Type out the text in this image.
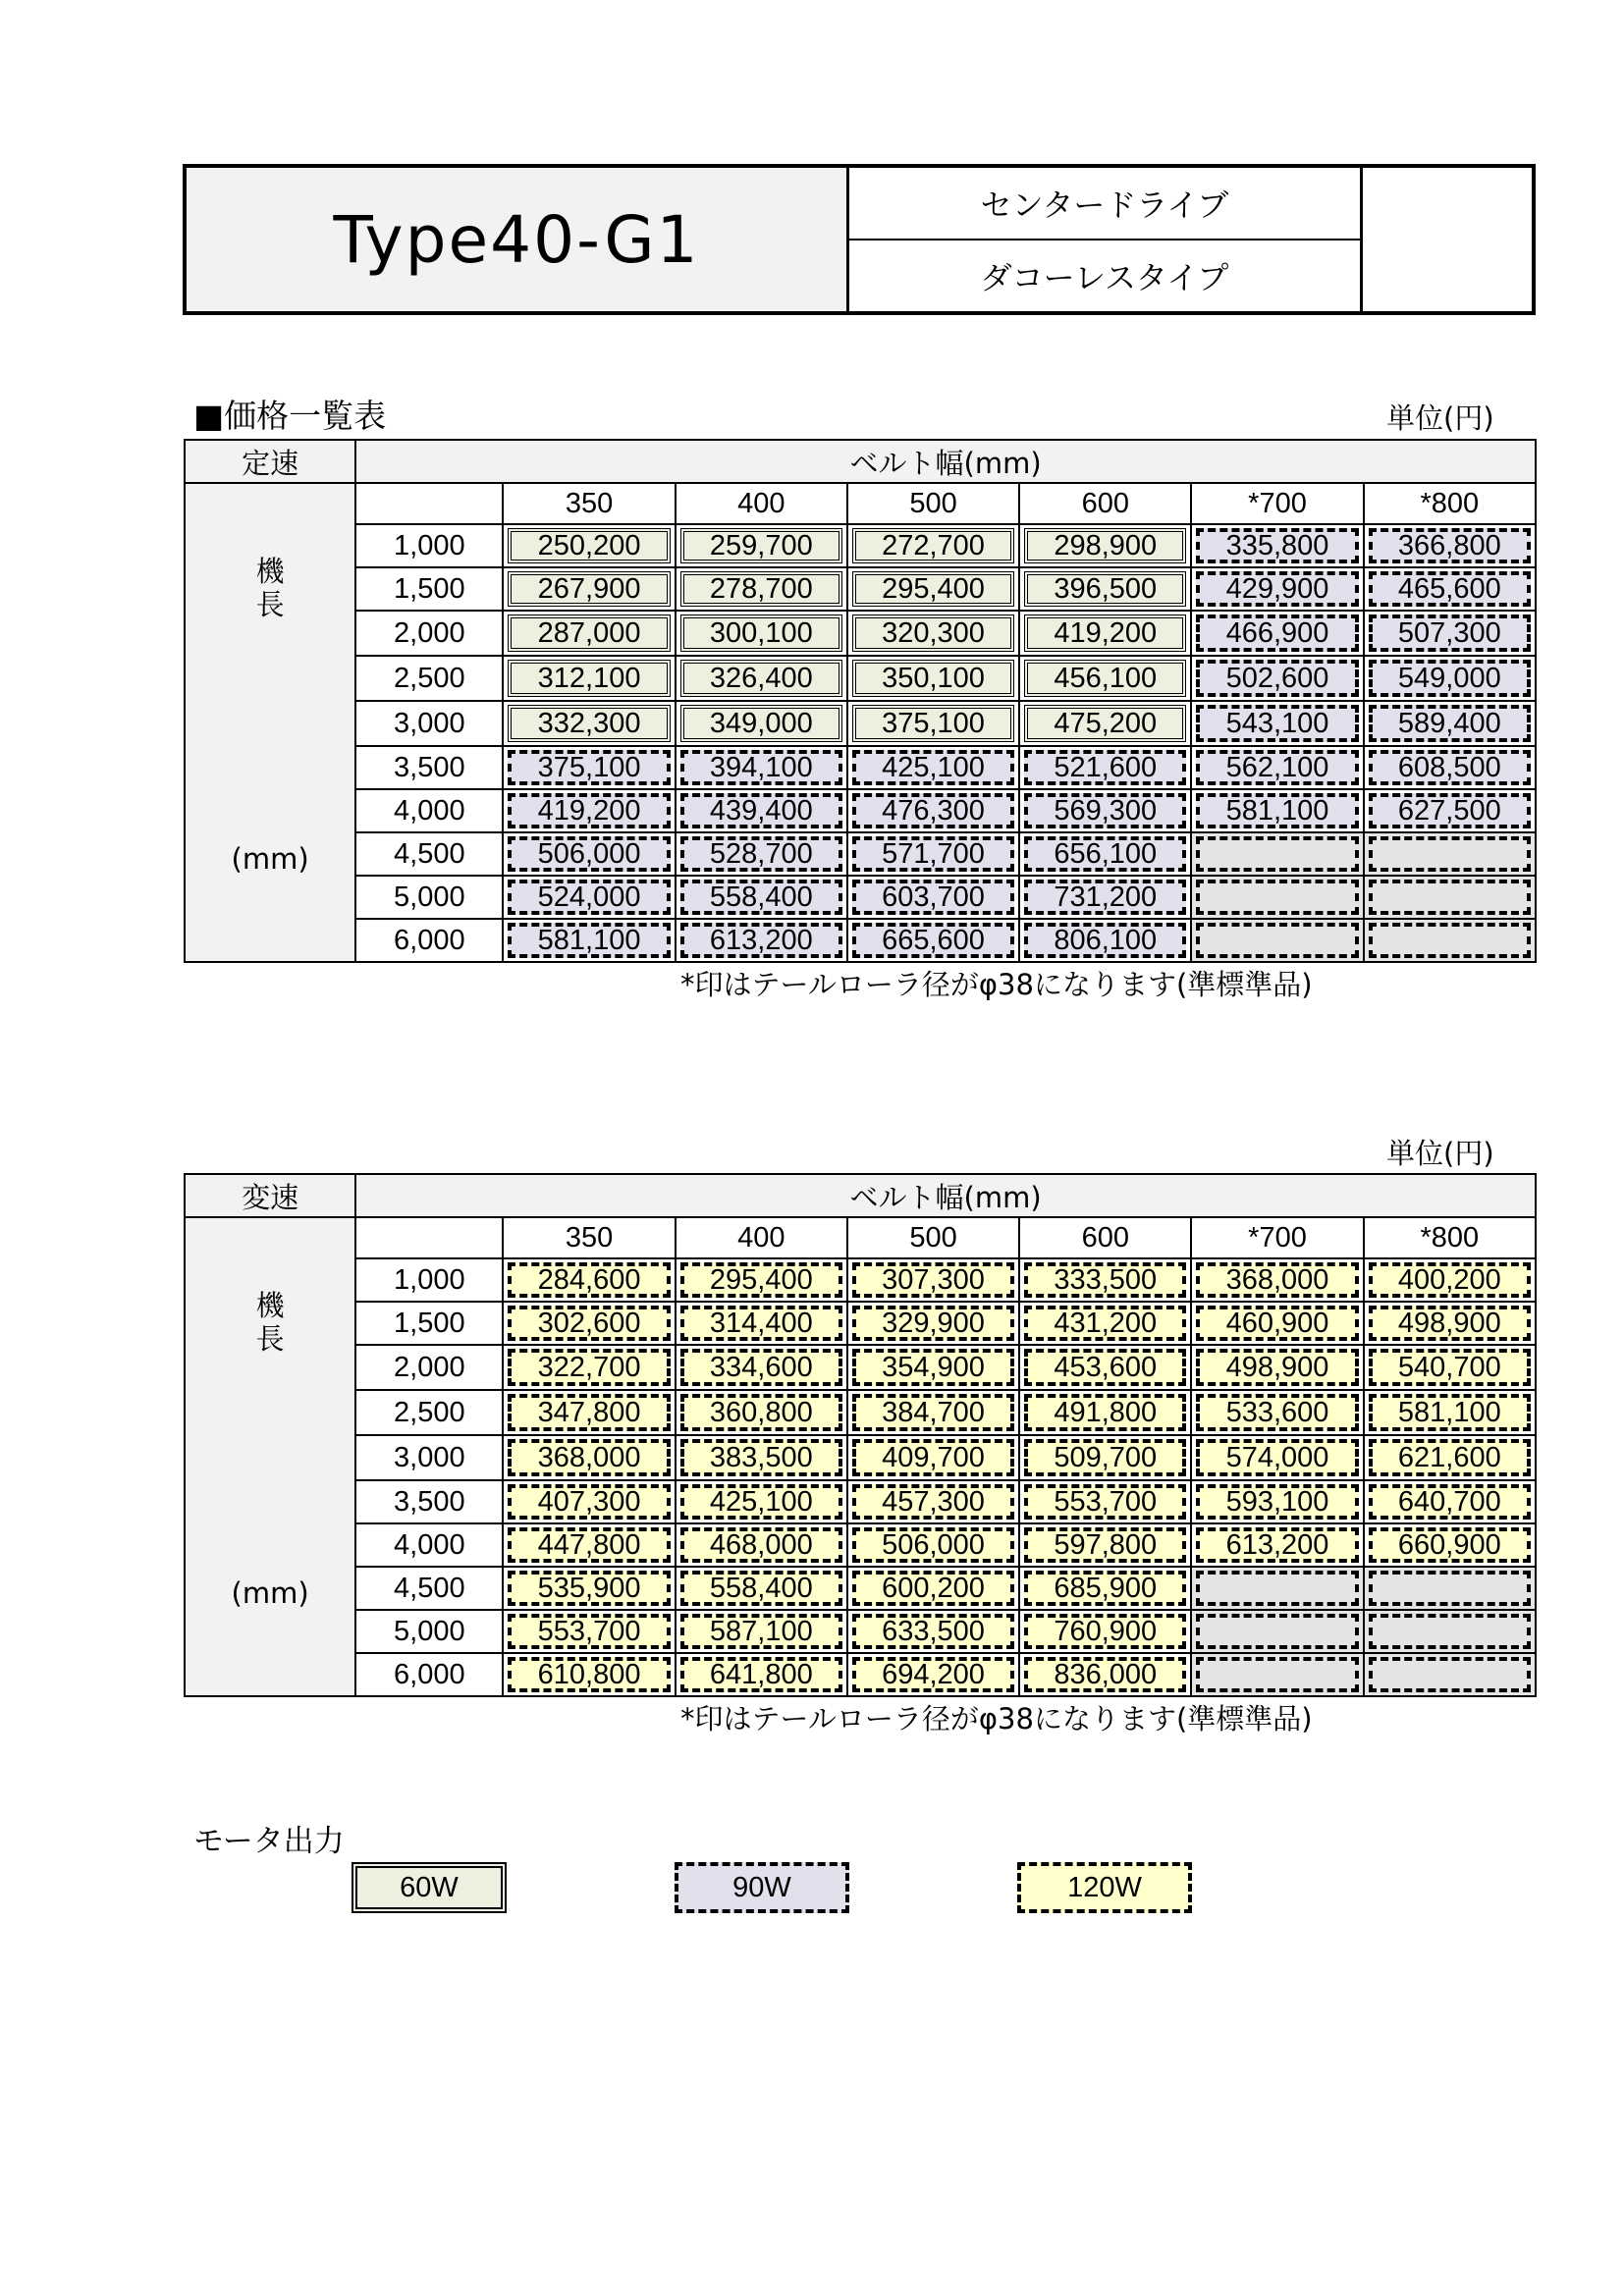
Type40-G1	センタードライブ
ダコーレスタイプ
■価格一覧表	単位(円)
定速	ベルト幅(mm)						

機
長
(mm)		350	400	500	600	*700	*800
	1,000	250,200	259,700	272,700	298,900	335,800	366,800

	1,500	267,900	278,700	295,400	396,500	429,900	465,600

	2,000	287,000	300,100	320,300	419,200	466,900	507,300

	2,500	312,100	326,400	350,100	456,100	502,600	549,000

	3,000	332,300	349,000	375,100	475,200	543,100	589,400

	3,500	375,100	394,100	425,100	521,600	562,100	608,500

	4,000	419,200	439,400	476,300	569,300	581,100	627,500

	4,500	506,000	528,700	571,700	656,100		

	5,000	524,000	558,400	603,700	731,200		

	6,000	581,100	613,200	665,600	806,100		

*印はテールローラ径がφ38になります(準標準品)
単位(円)
変速	ベルト幅(mm)						

機
長
(mm)		350	400	500	600	*700	*800
	1,000	284,600	295,400	307,300	333,500	368,000	400,200

	1,500	302,600	314,400	329,900	431,200	460,900	498,900

	2,000	322,700	334,600	354,900	453,600	498,900	540,700

	2,500	347,800	360,800	384,700	491,800	533,600	581,100

	3,000	368,000	383,500	409,700	509,700	574,000	621,600

	3,500	407,300	425,100	457,300	553,700	593,100	640,700

	4,000	447,800	468,000	506,000	597,800	613,200	660,900

	4,500	535,900	558,400	600,200	685,900		

	5,000	553,700	587,100	633,500	760,900		

	6,000	610,800	641,800	694,200	836,000		

*印はテールローラ径がφ38になります(準標準品)
モータ出力
60W	90W	120W
